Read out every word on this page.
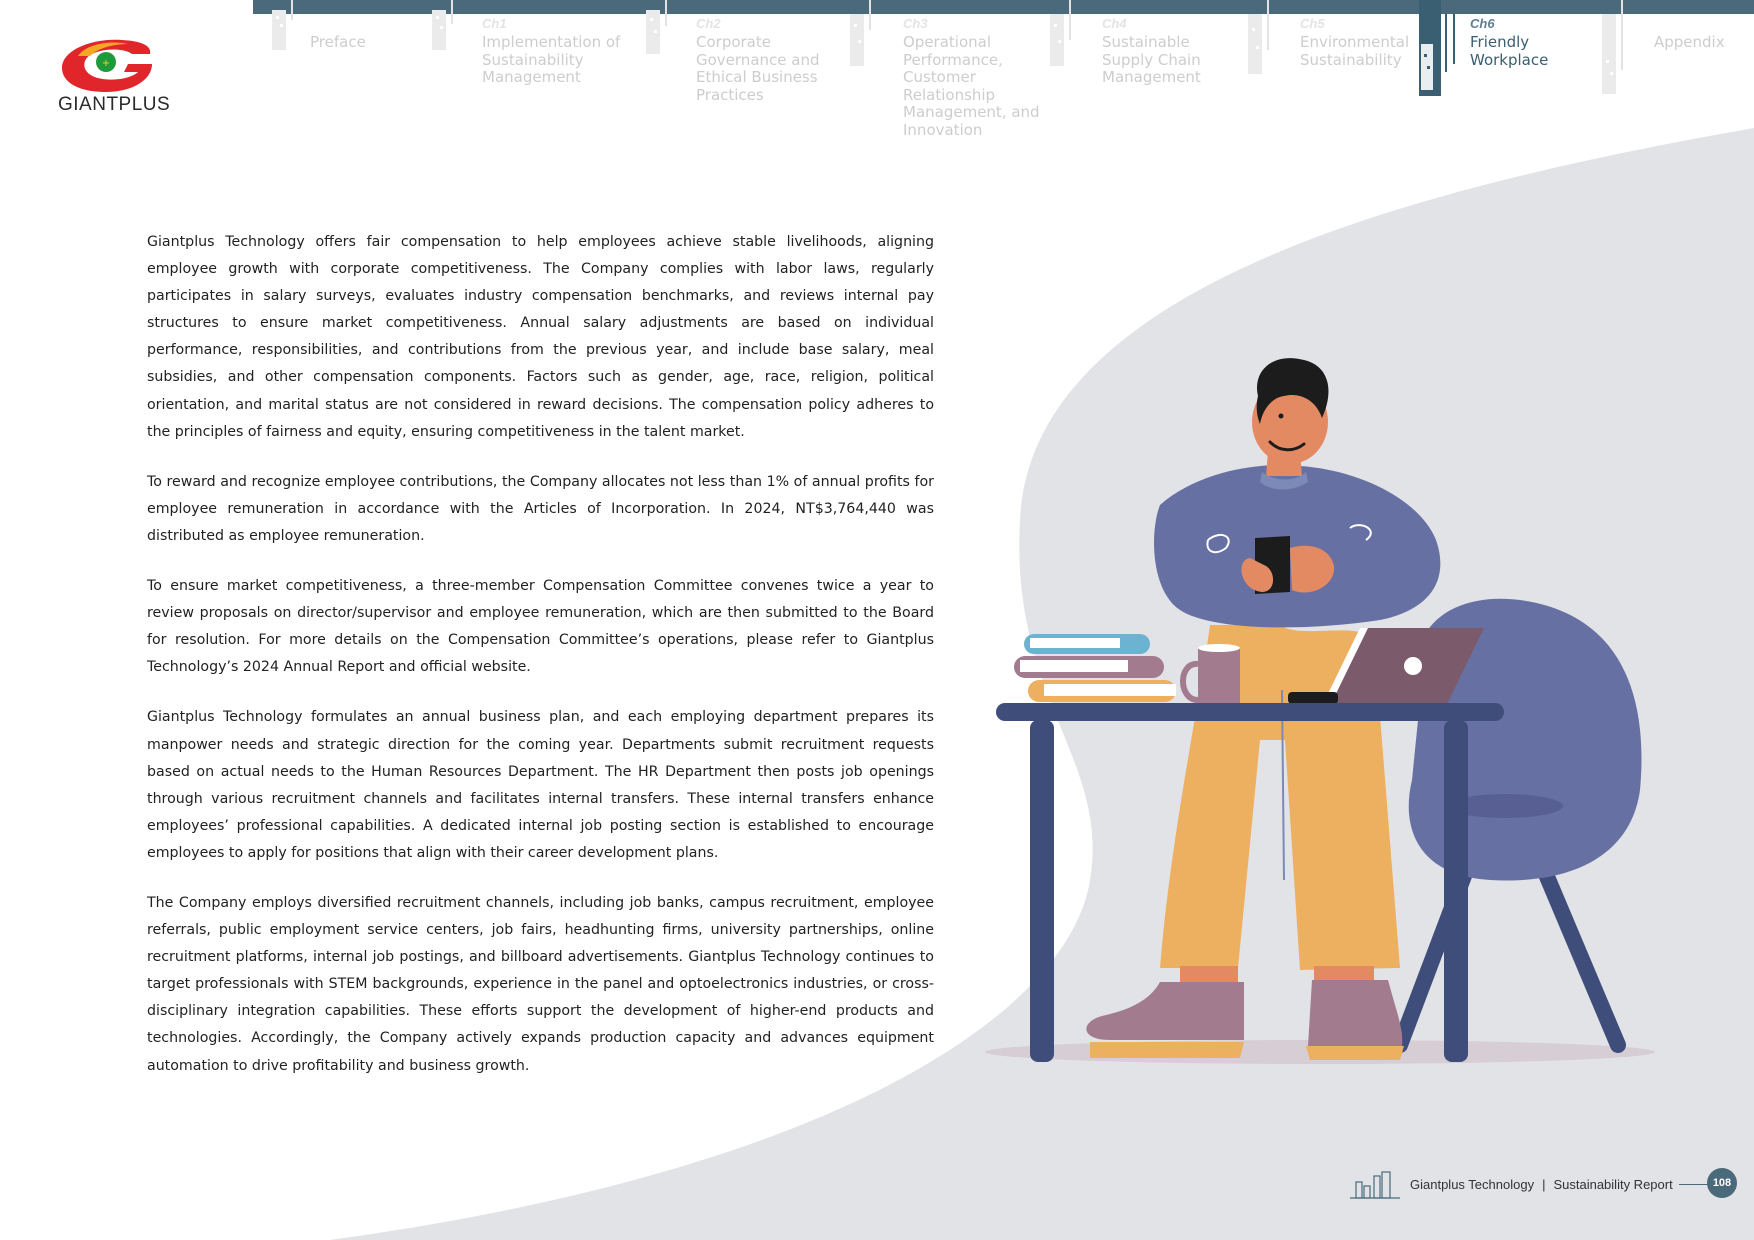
+
GIANTPLUS
Preface
Ch1
Implementation of Sustainability Management
Ch2
Corporate Governance and Ethical Business Practices
Ch3
Operational Performance, Customer Relationship Management, and Innovation
Ch4
Sustainable Supply Chain Management
Ch5
Environmental Sustainability
Ch6
Friendly Workplace
Appendix

Giantplus Technology offers fair compensation to help employees achieve stable livelihoods, aligning employee growth with corporate competitiveness. The Company complies with labor laws, regularly participates in salary surveys, evaluates industry compensation benchmarks, and reviews internal pay structures to ensure market competitiveness. Annual salary adjustments are based on individual performance, responsibilities, and contributions from the previous year, and include base salary, meal subsidies, and other compensation components. Factors such as gender, age, race, religion, political orientation, and marital status are not considered in reward decisions. The compensation policy adheres to the principles of fairness and equity, ensuring competitiveness in the talent market.

To reward and recognize employee contributions, the Company allocates not less than 1% of annual profits for employee remuneration in accordance with the Articles of Incorporation. In 2024, NT$3,764,440 was distributed as employee remuneration.

To ensure market competitiveness, a three-member Compensation Committee convenes twice a year to review proposals on director/supervisor and employee remuneration, which are then submitted to the Board for resolution. For more details on the Compensation Committee’s operations, please refer to Giantplus Technology’s 2024 Annual Report and official website.

Giantplus Technology formulates an annual business plan, and each employing department prepares its manpower needs and strategic direction for the coming year. Departments submit recruitment requests based on actual needs to the Human Resources Department. The HR Department then posts job openings through various recruitment channels and facilitates internal transfers. These internal transfers enhance employees’ professional capabilities. A dedicated internal job posting section is established to encourage employees to apply for positions that align with their career development plans.

The Company employs diversified recruitment channels, including job banks, campus recruitment, employee referrals, public employment service centers, job fairs, headhunting firms, university partnerships, online recruitment platforms, internal job postings, and billboard advertisements. Giantplus Technology continues to target professionals with STEM backgrounds, experience in the panel and optoelectronics industries, or cross-disciplinary integration capabilities. These efforts support the development of higher-end products and technologies. Accordingly, the Company actively expands production capacity and advances equipment automation to drive profitability and business growth.

Giantplus Technology | Sustainability Report	108
